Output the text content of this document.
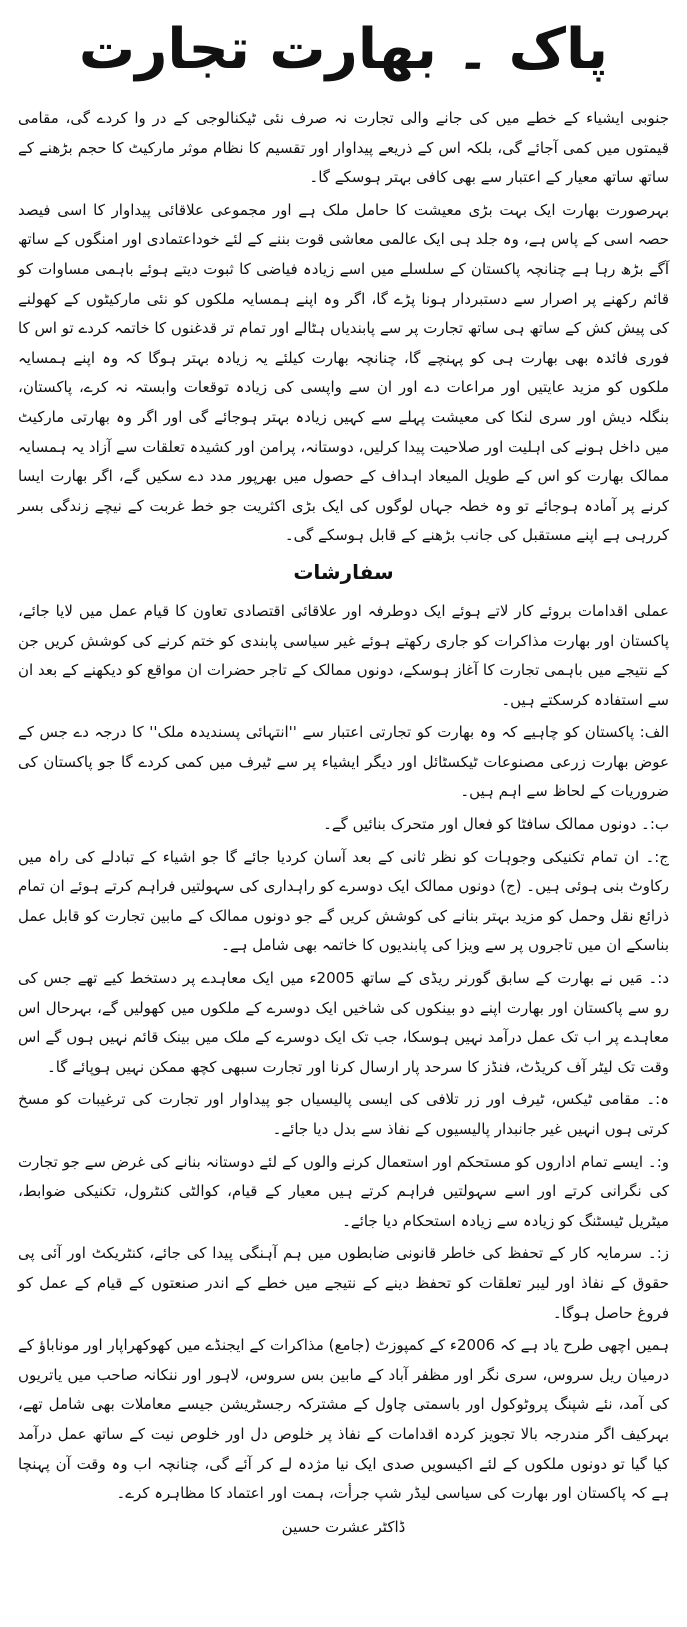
پاک ۔ بھارت تجارت

جنوبی ایشیاء کے خطے میں کی جانے والی تجارت نہ صرف نئی ٹیکنالوجی کے در وا کردے گی، مقامی قیمتوں میں کمی آجائے گی، بلکہ اس کے ذریعے پیداوار اور تقسیم کا نظام موثر مارکیٹ کا حجم بڑھنے کے ساتھ ساتھ معیار کے اعتبار سے بھی کافی بہتر ہوسکے گا۔

بہرصورت بھارت ایک بہت بڑی معیشت کا حامل ملک ہے اور مجموعی علاقائی پیداوار کا اسی فیصد حصہ اسی کے پاس ہے، وہ جلد ہی ایک عالمی معاشی قوت بننے کے لئے خوداعتمادی اور امنگوں کے ساتھ آگے بڑھ رہا ہے چنانچہ پاکستان کے سلسلے میں اسے زیادہ فیاضی کا ثبوت دیتے ہوئے باہمی مساوات کو قائم رکھنے پر اصرار سے دستبردار ہونا پڑے گا، اگر وہ اپنے ہمسایہ ملکوں کو نئی مارکیٹوں کے کھولنے کی پیش کش کے ساتھ ہی ساتھ تجارت پر سے پابندیاں ہٹالے اور تمام تر قدغنوں کا خاتمہ کردے تو اس کا فوری فائدہ بھی بھارت ہی کو پہنچے گا، چنانچہ بھارت کیلئے یہ زیادہ بہتر ہوگا کہ وہ اپنے ہمسایہ ملکوں کو مزید عایتیں اور مراعات دے اور ان سے واپسی کی زیادہ توقعات وابستہ نہ کرے، پاکستان، بنگلہ دیش اور سری لنکا کی معیشت پہلے سے کہیں زیادہ بہتر ہوجائے گی اور اگر وہ بھارتی مارکیٹ میں داخل ہونے کی اہلیت اور صلاحیت پیدا کرلیں، دوستانہ، پرامن اور کشیدہ تعلقات سے آزاد یہ ہمسایہ ممالک بھارت کو اس کے طویل المیعاد اہداف کے حصول میں بھرپور مدد دے سکیں گے، اگر بھارت ایسا کرنے پر آمادہ ہوجائے تو وہ خطہ جہاں لوگوں کی ایک بڑی اکثریت جو خط غربت کے نیچے زندگی بسر کررہی ہے اپنے مستقبل کی جانب بڑھنے کے قابل ہوسکے گی۔

سفارشات

عملی اقدامات بروئے کار لاتے ہوئے ایک دوطرفہ اور علاقائی اقتصادی تعاون کا قیام عمل میں لایا جائے، پاکستان اور بھارت مذاکرات کو جاری رکھتے ہوئے غیر سیاسی پابندی کو ختم کرنے کی کوشش کریں جن کے نتیجے میں باہمی تجارت کا آغاز ہوسکے، دونوں ممالک کے تاجر حضرات ان مواقع کو دیکھنے کے بعد ان سے استفادہ کرسکتے ہیں۔

الف: پاکستان کو چاہیے کہ وہ بھارت کو تجارتی اعتبار سے ''انتہائی پسندیدہ ملک'' کا درجہ دے جس کے عوض بھارت زرعی مصنوعات ٹیکسٹائل اور دیگر ایشیاء پر سے ٹیرف میں کمی کردے گا جو پاکستان کی ضروریات کے لحاظ سے اہم ہیں۔

ب:۔ دونوں ممالک سافٹا کو فعال اور متحرک بنائیں گے۔

ج:۔ ان تمام تکنیکی وجوہات کو نظر ثانی کے بعد آسان کردیا جائے گا جو اشیاء کے تبادلے کی راہ میں رکاوٹ بنی ہوئی ہیں۔ (ج) دونوں ممالک ایک دوسرے کو راہداری کی سہولتیں فراہم کرتے ہوئے ان تمام ذرائع نقل وحمل کو مزید بہتر بنانے کی کوشش کریں گے جو دونوں ممالک کے مابین تجارت کو قابل عمل بناسکے ان میں تاجروں پر سے ویزا کی پابندیوں کا خاتمہ بھی شامل ہے۔

د:۔ مَیں نے بھارت کے سابق گورنر ریڈی کے ساتھ 2005ء میں ایک معاہدے پر دستخط کیے تھے جس کی رو سے پاکستان اور بھارت اپنے دو بینکوں کی شاخیں ایک دوسرے کے ملکوں میں کھولیں گے، بہرحال اس معاہدے پر اب تک عمل درآمد نہیں ہوسکا، جب تک ایک دوسرے کے ملک میں بینک قائم نہیں ہوں گے اس وقت تک لیٹر آف کریڈٹ، فنڈز کا سرحد پار ارسال کرنا اور تجارت سبھی کچھ ممکن نہیں ہوپائے گا۔

ہ:۔ مقامی ٹیکس، ٹیرف اور زر تلافی کی ایسی پالیسیاں جو پیداوار اور تجارت کی ترغیبات کو مسخ کرتی ہوں انہیں غیر جانبدار پالیسیوں کے نفاذ سے بدل دیا جائے۔

و:۔ ایسے تمام اداروں کو مستحکم اور استعمال کرنے والوں کے لئے دوستانہ بنانے کی غرض سے جو تجارت کی نگرانی کرتے اور اسے سہولتیں فراہم کرتے ہیں معیار کے قیام، کوالٹی کنٹرول، تکنیکی ضوابط، میٹریل ٹیسٹنگ کو زیادہ سے زیادہ استحکام دیا جائے۔

ز:۔ سرمایہ کار کے تحفظ کی خاطر قانونی ضابطوں میں ہم آہنگی پیدا کی جائے، کنٹریکٹ اور آئی پی حقوق کے نفاذ اور لیبر تعلقات کو تحفظ دینے کے نتیجے میں خطے کے اندر صنعتوں کے قیام کے عمل کو فروغ حاصل ہوگا۔

ہمیں اچھی طرح یاد ہے کہ 2006ء کے کمپوزٹ (جامع) مذاکرات کے ایجنڈے میں کھوکھراپار اور موناباؤ کے درمیان ریل سروس، سری نگر اور مظفر آباد کے مابین بس سروس، لاہور اور ننکانہ صاحب میں یاتریوں کی آمد، نئے شپنگ پروٹوکول اور باسمتی چاول کے مشترکہ رجسٹریشن جیسے معاملات بھی شامل تھے، بہرکیف اگر مندرجہ بالا تجویز کردہ اقدامات کے نفاذ پر خلوص دل اور خلوص نیت کے ساتھ عمل درآمد کیا گیا تو دونوں ملکوں کے لئے اکیسویں صدی ایک نیا مژدہ لے کر آئے گی، چنانچہ اب وہ وقت آن پہنچا ہے کہ پاکستان اور بھارت کی سیاسی لیڈر شپ جرأت، ہمت اور اعتماد کا مظاہرہ کرے۔

ڈاکٹر عشرت حسین
